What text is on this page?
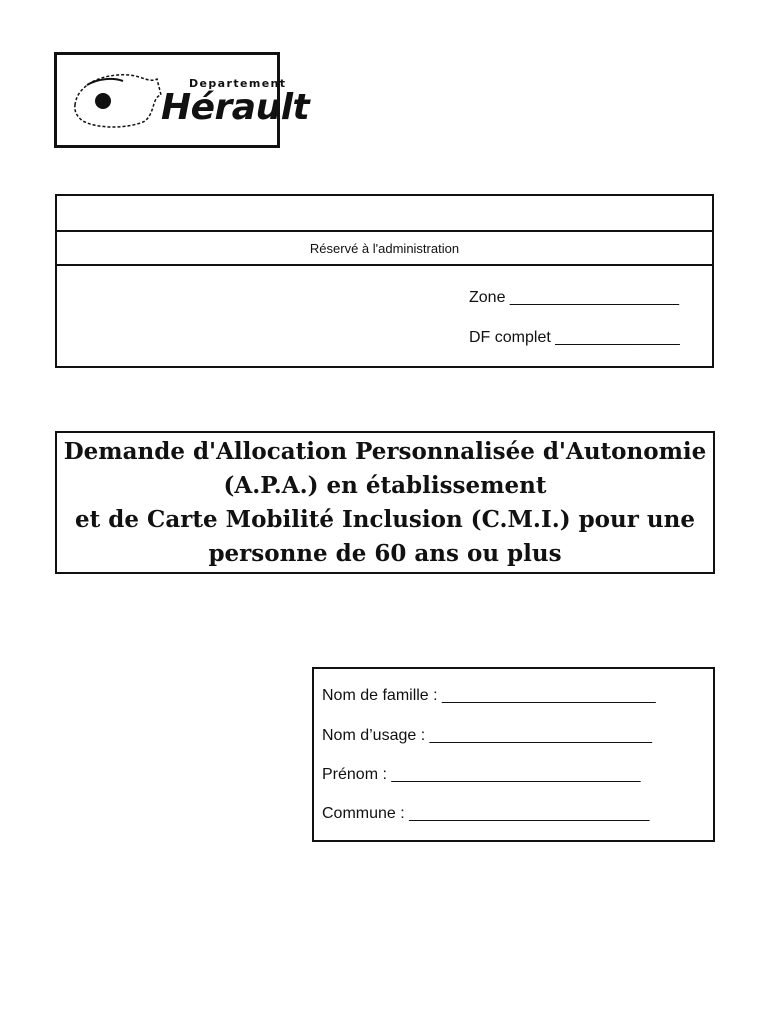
Departement
Hérault
Réservé à l'administration
Zone ___________________
DF complet ______________
Demande d'Allocation Personnalisée d'Autonomie
(A.P.A.) en établissement
et de Carte Mobilité Inclusion (C.M.I.) pour une
personne de 60 ans ou plus
Nom de famille : ________________________
Nom d’usage : _________________________
Prénom : ____________________________
Commune : ___________________________
